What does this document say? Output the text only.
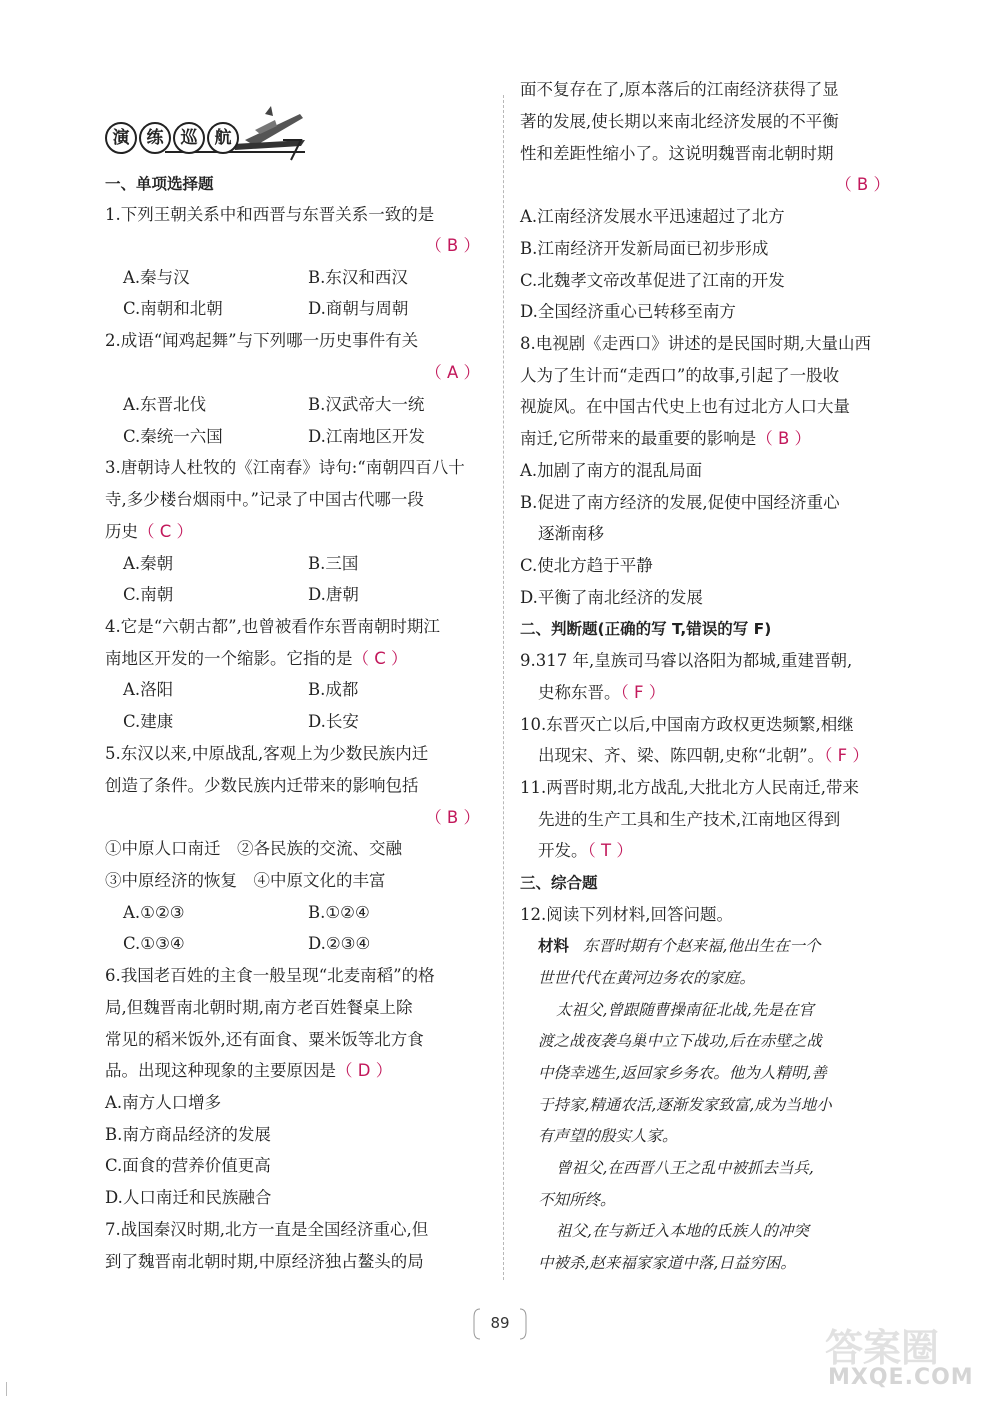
演	练	巡	航
一、单项选择题
1.下列王朝关系中和西晋与东晋关系一致的是
（ B ）
A.秦与汉	B.东汉和西汉
C.南朝和北朝	D.商朝与周朝
2.成语“闻鸡起舞”与下列哪一历史事件有关
（ A ）
A.东晋北伐	B.汉武帝大一统
C.秦统一六国	D.江南地区开发
3.唐朝诗人杜牧的《江南春》诗句:“南朝四百八十
寺,多少楼台烟雨中。”记录了中国古代哪一段
历史（ C ）
A.秦朝	B.三国
C.南朝	D.唐朝
4.它是“六朝古都”,也曾被看作东晋南朝时期江
南地区开发的一个缩影。它指的是（ C ）
A.洛阳	B.成都
C.建康	D.长安
5.东汉以来,中原战乱,客观上为少数民族内迁
创造了条件。少数民族内迁带来的影响包括
（ B ）
①中原人口南迁　②各民族的交流、交融
③中原经济的恢复　④中原文化的丰富
A.①②③	B.①②④
C.①③④	D.②③④
6.我国老百姓的主食一般呈现“北麦南稻”的格
局,但魏晋南北朝时期,南方老百姓餐桌上除
常见的稻米饭外,还有面食、粟米饭等北方食
品。出现这种现象的主要原因是（ D ）
A.南方人口增多
B.南方商品经济的发展
C.面食的营养价值更高
D.人口南迁和民族融合
7.战国秦汉时期,北方一直是全国经济重心,但
到了魏晋南北朝时期,中原经济独占鳌头的局
面不复存在了,原本落后的江南经济获得了显
著的发展,使长期以来南北经济发展的不平衡
性和差距性缩小了。这说明魏晋南北朝时期
（ B ）
A.江南经济发展水平迅速超过了北方
B.江南经济开发新局面已初步形成
C.北魏孝文帝改革促进了江南的开发
D.全国经济重心已转移至南方
8.电视剧《走西口》讲述的是民国时期,大量山西
人为了生计而“走西口”的故事,引起了一股收
视旋风。在中国古代史上也有过北方人口大量
南迁,它所带来的最重要的影响是（ B ）
A.加剧了南方的混乱局面
B.促进了南方经济的发展,促使中国经济重心
逐渐南移
C.使北方趋于平静
D.平衡了南北经济的发展
二、判断题(正确的写 T,错误的写 F)
9.317 年,皇族司马睿以洛阳为都城,重建晋朝,
史称东晋。（ F ）
10.东晋灭亡以后,中国南方政权更迭频繁,相继
出现宋、齐、梁、陈四朝,史称“北朝”。（ F ）
11.两晋时期,北方战乱,大批北方人民南迁,带来
先进的生产工具和生产技术,江南地区得到
开发。（ T ）
三、综合题
12.阅读下列材料,回答问题。
材料 东晋时期有个赵来福,他出生在一个
世世代代在黄河边务农的家庭。
太祖父,曾跟随曹操南征北战,先是在官
渡之战夜袭乌巢中立下战功,后在赤壁之战
中侥幸逃生,返回家乡务农。他为人精明,善
于持家,精通农活,逐渐发家致富,成为当地小
有声望的殷实人家。
曾祖父,在西晋八王之乱中被抓去当兵,
不知所终。
祖父,在与新迁入本地的氐族人的冲突
中被杀,赵来福家家道中落,日益穷困。
89
答案圈
MXQE.COM
